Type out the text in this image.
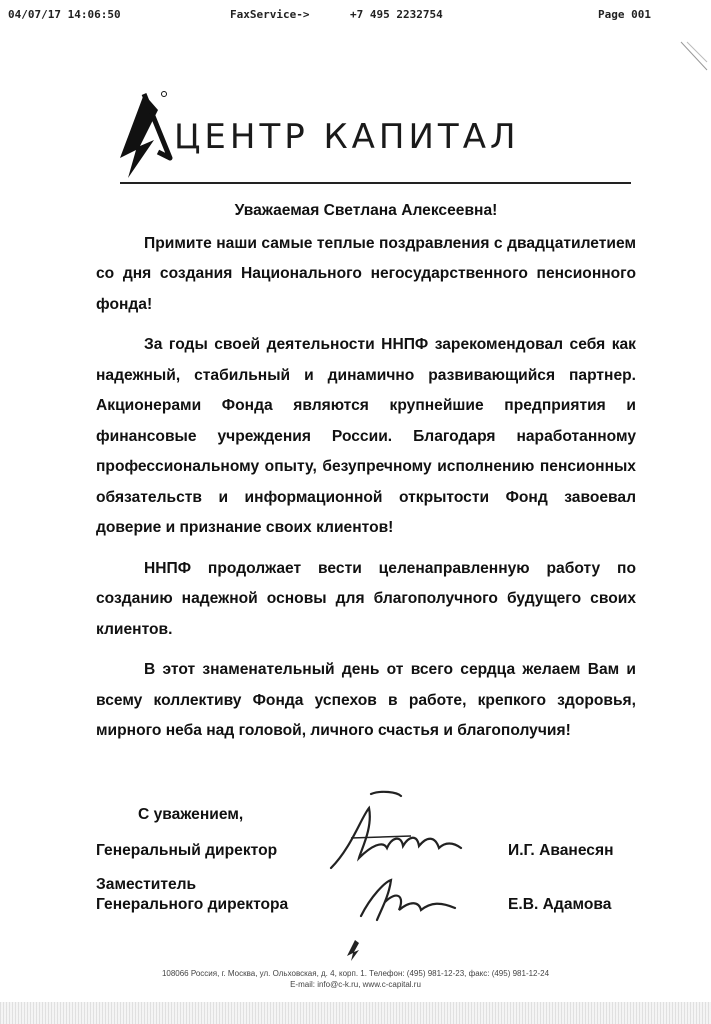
04/07/17 14:06:50	FaxService->	+7 495 2232754	Page 001
ЦЕНТР КАПИТАЛ

Уважаемая Светлана Алексеевна!

Примите наши самые теплые поздравления с двадцатилетием со дня создания Национального негосударственного пенсионного фонда!

За годы своей деятельности ННПФ зарекомендовал себя как надежный, стабильный и динамично развивающийся партнер. Акционерами Фонда являются крупнейшие предприятия и финансовые учреждения России. Благодаря наработанному профессиональному опыту, безупречному исполнению пенсионных обязательств и информационной открытости Фонд завоевал доверие и признание своих клиентов!

ННПФ продолжает вести целенаправленную работу по созданию надежной основы для благополучного будущего своих клиентов.

В этот знаменательный день от всего сердца желаем Вам и всему коллективу Фонда успехов в работе, крепкого здоровья, мирного неба над головой, личного счастья и благополучия!

С уважением,
Генеральный директор	И.Г. Аванесян
Заместитель
Генерального директора	Е.В. Адамова
108066 Россия, г. Москва, ул. Ольховская, д. 4, корп. 1. Телефон: (495) 981-12-23, факс: (495) 981-12-24
E-mail: info@c-k.ru, www.c-capital.ru
